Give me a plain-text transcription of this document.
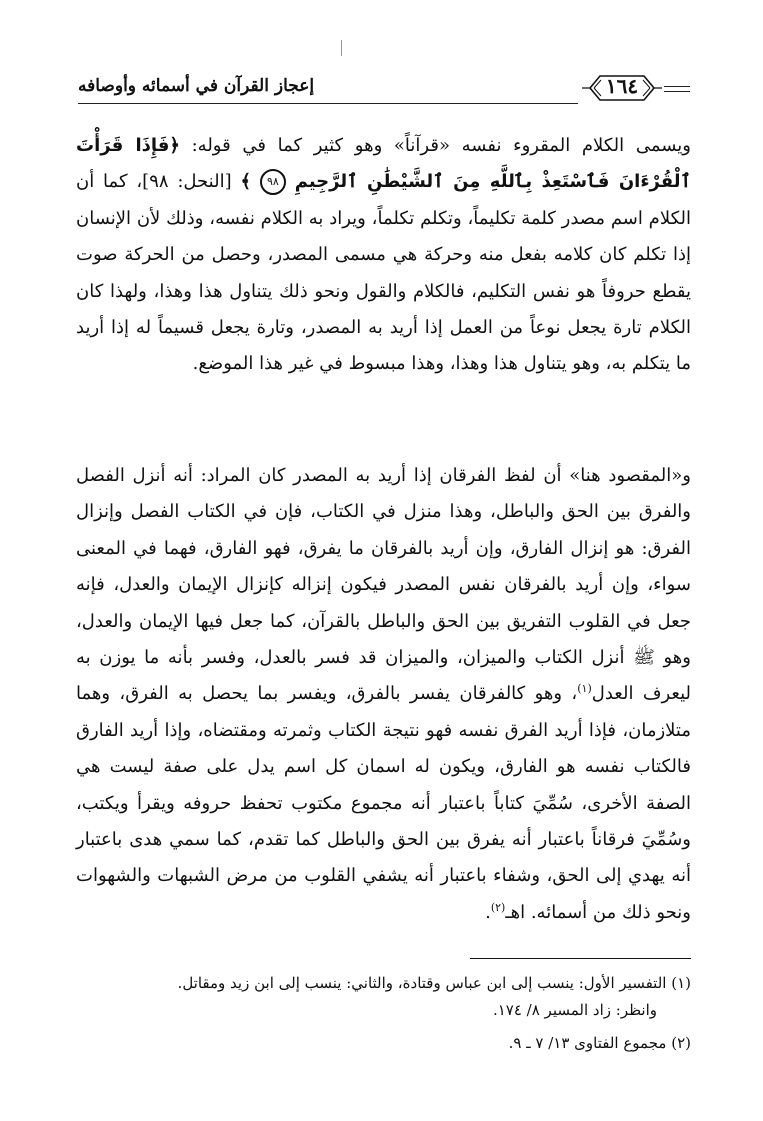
إعجاز القرآن في أسمائه وأوصافه	١٦٤

ويسمى الكلام المقروء نفسه «قرآناً» وهو كثير كما في قوله: ﴿فَإِذَا قَرَأْتَ ٱلْقُرْءَانَ فَٱسْتَعِذْ بِٱللَّهِ مِنَ ٱلشَّيْطَٰنِ ٱلرَّجِيمِ ٩٨ ﴾ [النحل: ٩٨]، كما أن الكلام اسم مصدر كلمة تكليماً، وتكلم تكلماً، ويراد به الكلام نفسه، وذلك لأن الإنسان إذا تكلم كان كلامه بفعل منه وحركة هي مسمى المصدر، وحصل من الحركة صوت يقطع حروفاً هو نفس التكليم، فالكلام والقول ونحو ذلك يتناول هذا وهذا، ولهذا كان الكلام تارة يجعل نوعاً من العمل إذا أريد به المصدر، وتارة يجعل قسيماً له إذا أريد ما يتكلم به، وهو يتناول هذا وهذا، وهذا مبسوط في غير هذا الموضع.

و«المقصود هنا» أن لفظ الفرقان إذا أريد به المصدر كان المراد: أنه أنزل الفصل والفرق بين الحق والباطل، وهذا منزل في الكتاب، فإن في الكتاب الفصل وإنزال الفرق: هو إنزال الفارق، وإن أريد بالفرقان ما يفرق، فهو الفارق، فهما في المعنى سواء، وإن أريد بالفرقان نفس المصدر فيكون إنزاله كإنزال الإيمان والعدل، فإنه جعل في القلوب التفريق بين الحق والباطل بالقرآن، كما جعل فيها الإيمان والعدل، وهو ﷺ أنزل الكتاب والميزان، والميزان قد فسر بالعدل، وفسر بأنه ما يوزن به ليعرف العدل$^{(١)}$، وهو كالفرقان يفسر بالفرق، ويفسر بما يحصل به الفرق، وهما متلازمان، فإذا أريد الفرق نفسه فهو نتيجة الكتاب وثمرته ومقتضاه، وإذا أريد الفارق فالكتاب نفسه هو الفارق، ويكون له اسمان كل اسم يدل على صفة ليست هي الصفة الأخرى، سُمِّيَ كتاباً باعتبار أنه مجموع مكتوب تحفظ حروفه ويقرأ ويكتب، وسُمِّيَ فرقاناً باعتبار أنه يفرق بين الحق والباطل كما تقدم، كما سمي هدى باعتبار أنه يهدي إلى الحق، وشفاء باعتبار أنه يشفي القلوب من مرض الشبهات والشهوات ونحو ذلك من أسمائه. اهـ$^{(٢)}$.

(١) التفسير الأول: ينسب إلى ابن عباس وقتادة، والثاني: ينسب إلى ابن زيد ومقاتل.

وانظر: زاد المسير ٨/ ١٧٤.

(٢) مجموع الفتاوى ١٣/ ٧ ـ ٩.
